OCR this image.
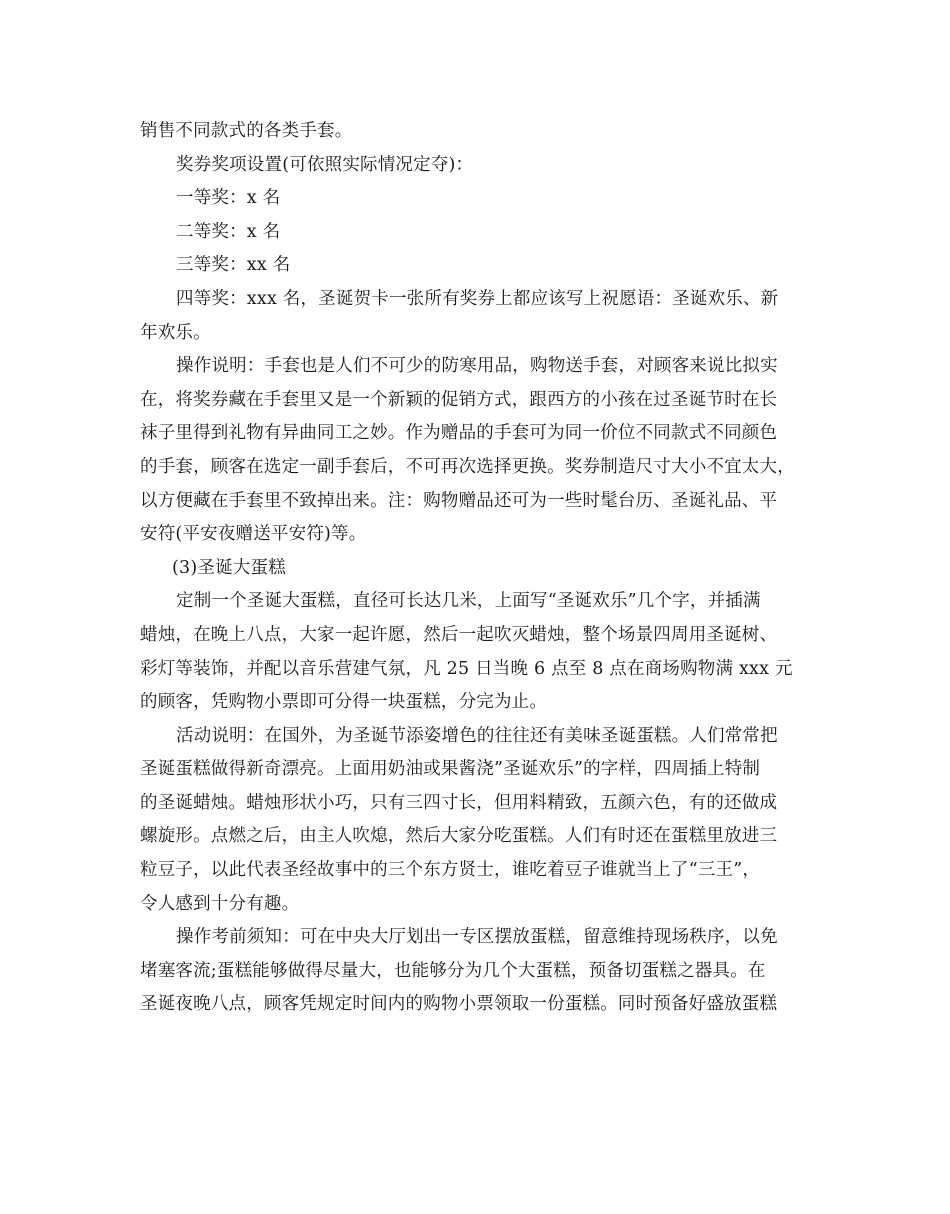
销售不同款式的各类手套。
奖券奖项设置(可依照实际情况定夺)：
一等奖：x 名
二等奖：x 名
三等奖：xx 名
四等奖：xxx 名，圣诞贺卡一张所有奖券上都应该写上祝愿语：圣诞欢乐、新
年欢乐。
操作说明：手套也是人们不可少的防寒用品，购物送手套，对顾客来说比拟实
在，将奖券藏在手套里又是一个新颖的促销方式，跟西方的小孩在过圣诞节时在长
袜子里得到礼物有异曲同工之妙。作为赠品的手套可为同一价位不同款式不同颜色
的手套，顾客在选定一副手套后，不可再次选择更换。奖券制造尺寸大小不宜太大，
以方便藏在手套里不致掉出来。注：购物赠品还可为一些时髦台历、圣诞礼品、平
安符(平安夜赠送平安符)等。
(3)圣诞大蛋糕
定制一个圣诞大蛋糕，直径可长达几米，上面写“圣诞欢乐”几个字，并插满
蜡烛，在晚上八点，大家一起许愿，然后一起吹灭蜡烛，整个场景四周用圣诞树、
彩灯等装饰，并配以音乐营建气氛，凡 25 日当晚 6 点至 8 点在商场购物满 xxx 元
的顾客，凭购物小票即可分得一块蛋糕，分完为止。
活动说明：在国外，为圣诞节添姿增色的往往还有美味圣诞蛋糕。人们常常把
圣诞蛋糕做得新奇漂亮。上面用奶油或果酱浇”圣诞欢乐”的字样，四周插上特制
的圣诞蜡烛。蜡烛形状小巧，只有三四寸长，但用料精致，五颜六色，有的还做成
螺旋形。点燃之后，由主人吹熄，然后大家分吃蛋糕。人们有时还在蛋糕里放进三
粒豆子，以此代表圣经故事中的三个东方贤士，谁吃着豆子谁就当上了“三王”，
令人感到十分有趣。
操作考前须知：可在中央大厅划出一专区摆放蛋糕，留意维持现场秩序，以免
堵塞客流;蛋糕能够做得尽量大，也能够分为几个大蛋糕，预备切蛋糕之器具。在
圣诞夜晚八点，顾客凭规定时间内的购物小票领取一份蛋糕。同时预备好盛放蛋糕
